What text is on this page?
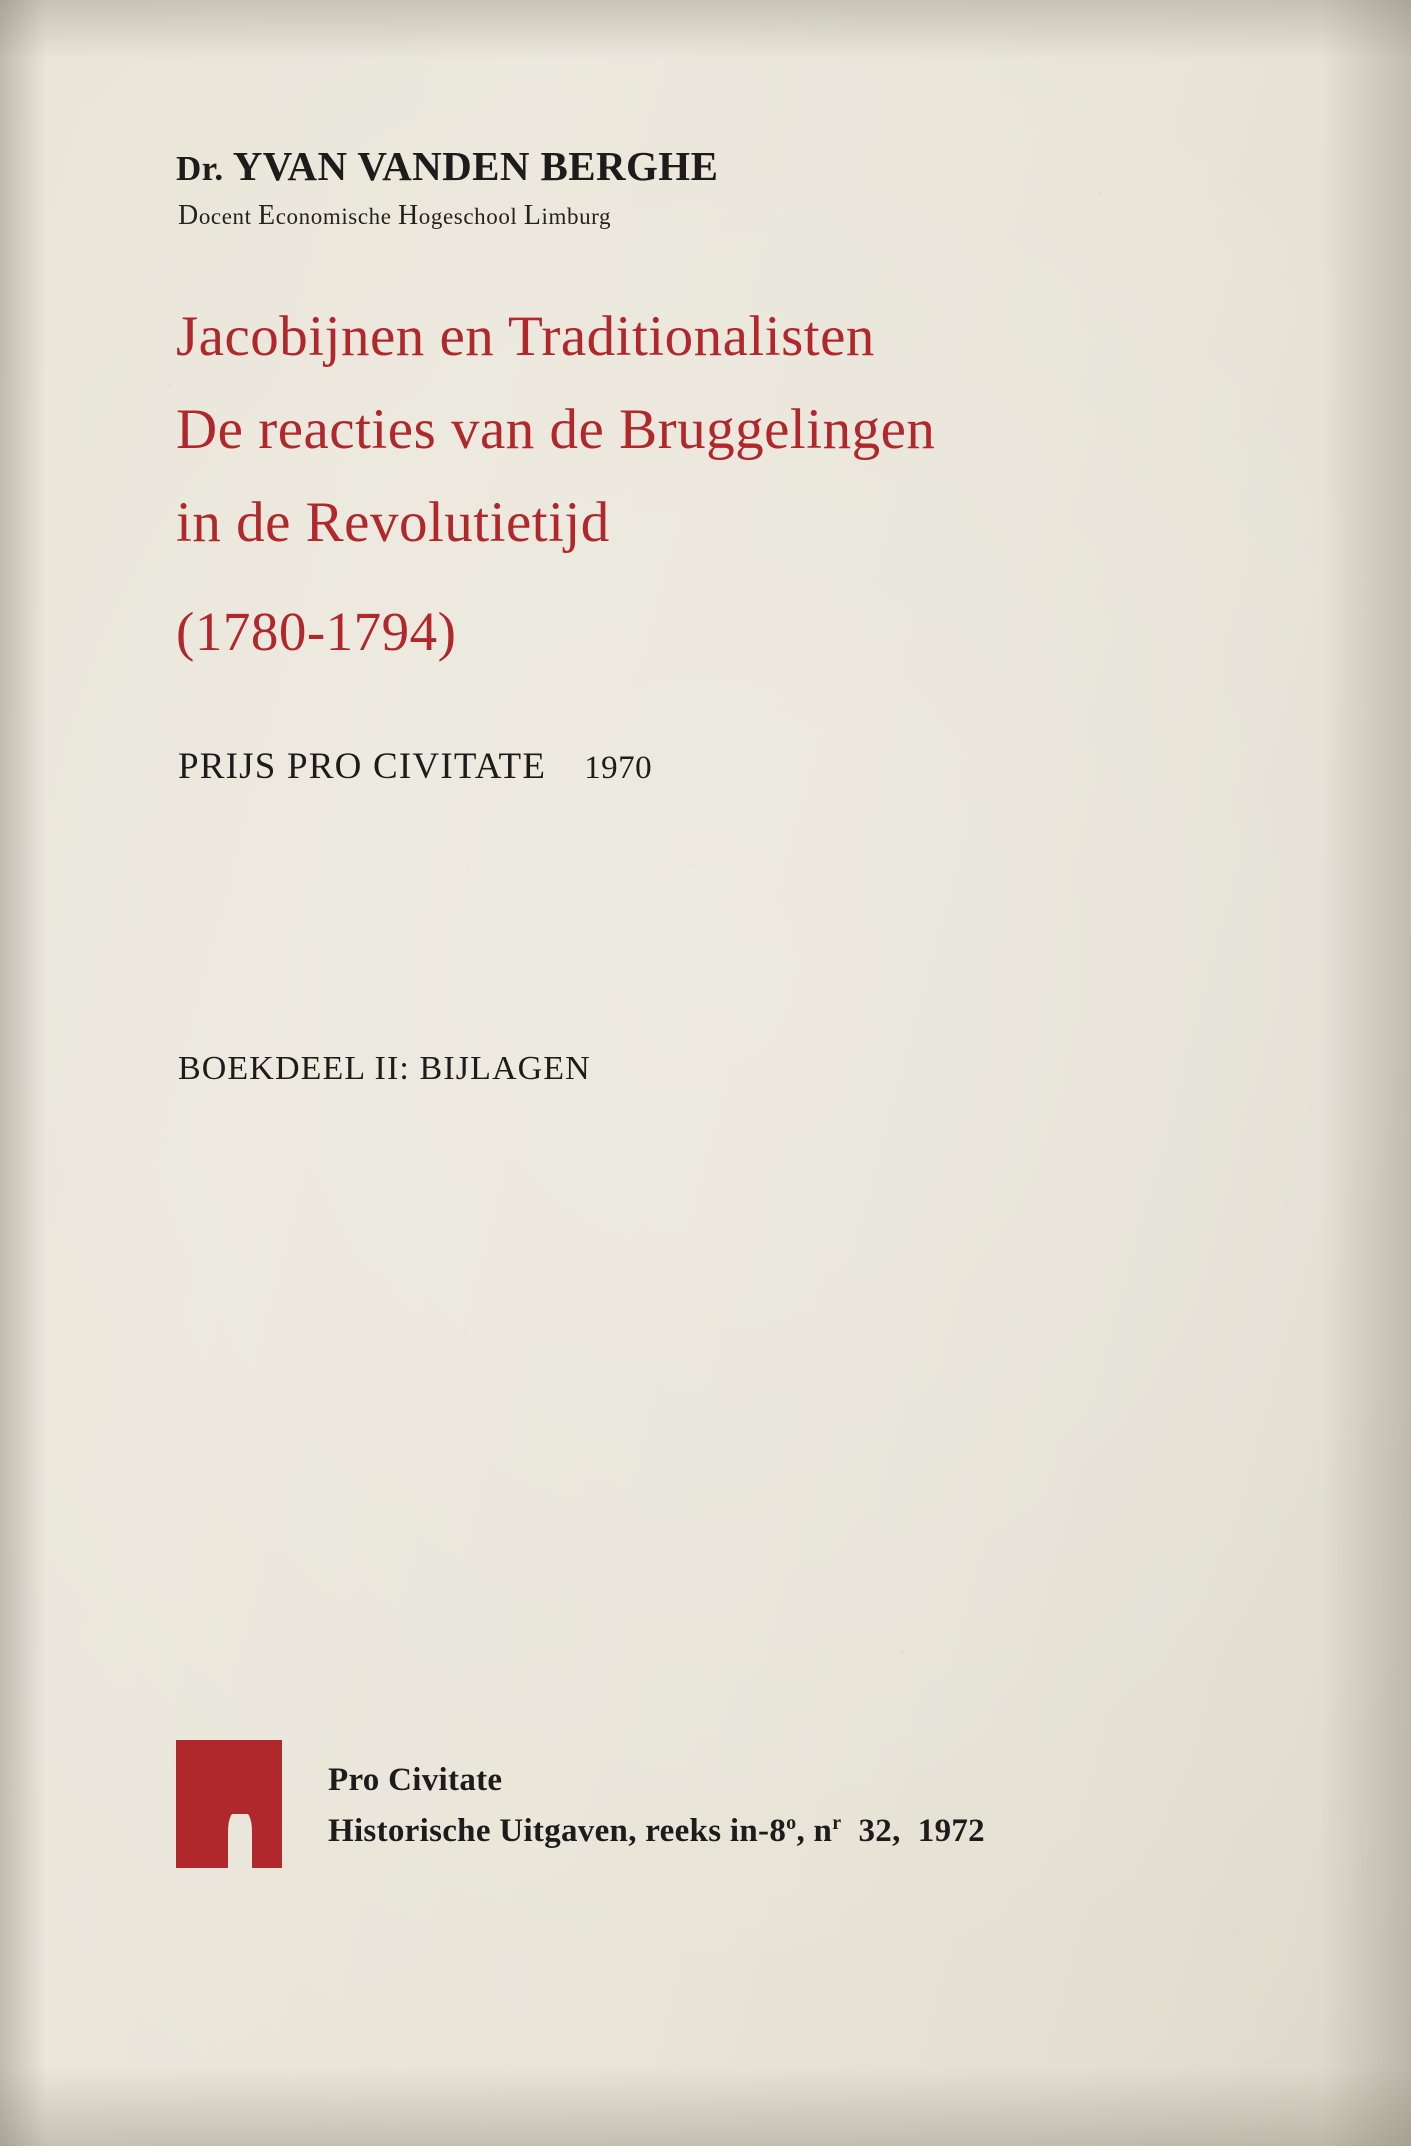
Dr. YVAN VANDEN BERGHE
Docent Economische Hogeschool Limburg
Jacobijnen en Traditionalisten
De reacties van de Bruggelingen
in de Revolutietijd
(1780-1794)
PRIJS PRO CIVITATE 1970
BOEKDEEL II: BIJLAGEN
Pro Civitate
Historische Uitgaven, reeks in-8$^o$, $n^r$ 32, 1972
